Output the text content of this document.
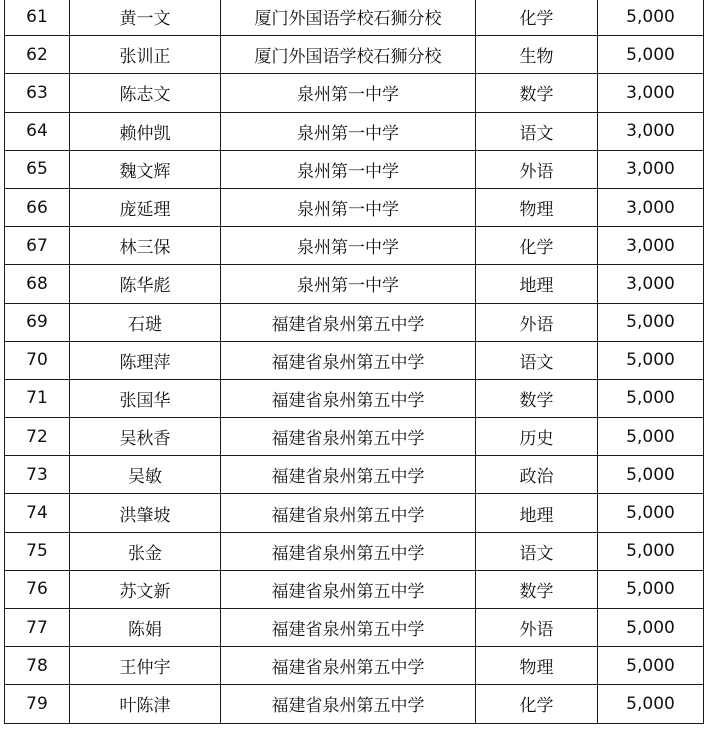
61	黄一文	厦门外国语学校石狮分校	化学	5,000
62	张训正	厦门外国语学校石狮分校	生物	5,000
63	陈志文	泉州第一中学	数学	3,000
64	赖仲凯	泉州第一中学	语文	3,000
65	魏文辉	泉州第一中学	外语	3,000
66	庞延理	泉州第一中学	物理	3,000
67	林三保	泉州第一中学	化学	3,000
68	陈华彪	泉州第一中学	地理	3,000
69	石琎	福建省泉州第五中学	外语	5,000
70	陈理萍	福建省泉州第五中学	语文	5,000
71	张国华	福建省泉州第五中学	数学	5,000
72	吴秋香	福建省泉州第五中学	历史	5,000
73	吴敏	福建省泉州第五中学	政治	5,000
74	洪肇坡	福建省泉州第五中学	地理	5,000
75	张金	福建省泉州第五中学	语文	5,000
76	苏文新	福建省泉州第五中学	数学	5,000
77	陈娟	福建省泉州第五中学	外语	5,000
78	王仲宇	福建省泉州第五中学	物理	5,000
79	叶陈津	福建省泉州第五中学	化学	5,000
